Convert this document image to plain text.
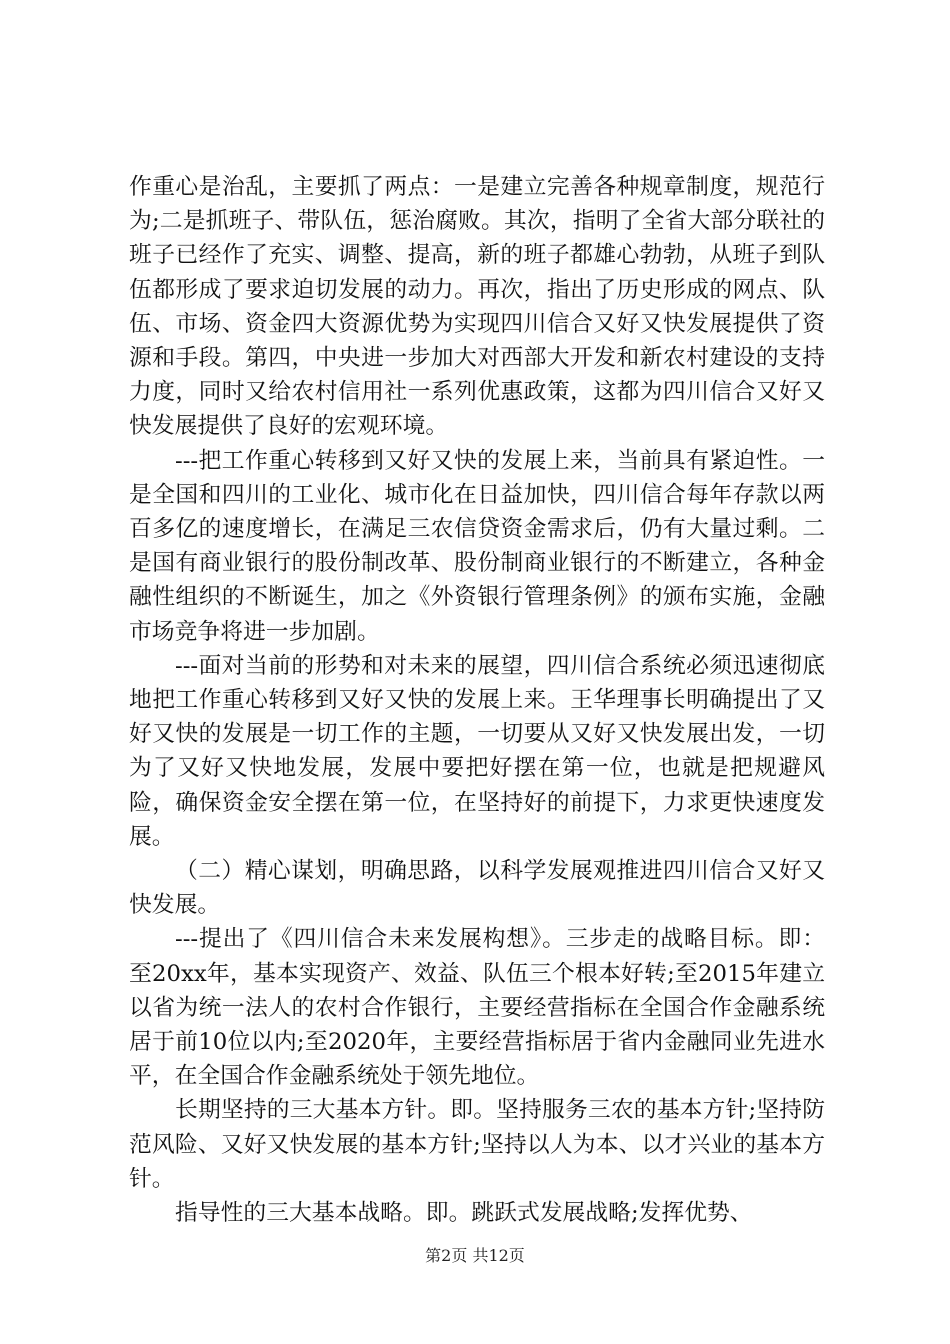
作重心是治乱，主要抓了两点：一是建立完善各种规章制度，规范行为;二是抓班子、带队伍，惩治腐败。其次，指明了全省大部分联社的班子已经作了充实、调整、提高，新的班子都雄心勃勃，从班子到队伍都形成了要求迫切发展的动力。再次，指出了历史形成的网点、队伍、市场、资金四大资源优势为实现四川信合又好又快发展提供了资源和手段。第四，中央进一步加大对西部大开发和新农村建设的支持力度，同时又给农村信用社一系列优惠政策，这都为四川信合又好又快发展提供了良好的宏观环境。

---把工作重心转移到又好又快的发展上来，当前具有紧迫性。一是全国和四川的工业化、城市化在日益加快，四川信合每年存款以两百多亿的速度增长，在满足三农信贷资金需求后，仍有大量过剩。二是国有商业银行的股份制改革、股份制商业银行的不断建立，各种金融性组织的不断诞生，加之《外资银行管理条例》的颁布实施，金融市场竞争将进一步加剧。

---面对当前的形势和对未来的展望，四川信合系统必须迅速彻底地把工作重心转移到又好又快的发展上来。王华理事长明确提出了又好又快的发展是一切工作的主题，一切要从又好又快发展出发，一切为了又好又快地发展，发展中要把好摆在第一位，也就是把规避风险，确保资金安全摆在第一位，在坚持好的前提下，力求更快速度发展。

（二）精心谋划，明确思路，以科学发展观推进四川信合又好又快发展。

---提出了《四川信合未来发展构想》。三步走的战略目标。即：至20xx年，基本实现资产、效益、队伍三个根本好转;至2015年建立以省为统一法人的农村合作银行，主要经营指标在全国合作金融系统居于前10位以内;至2020年，主要经营指标居于省内金融同业先进水平，在全国合作金融系统处于领先地位。

长期坚持的三大基本方针。即。坚持服务三农的基本方针;坚持防范风险、又好又快发展的基本方针;坚持以人为本、以才兴业的基本方针。

指导性的三大基本战略。即。跳跃式发展战略;发挥优势、

第2页 共12页
